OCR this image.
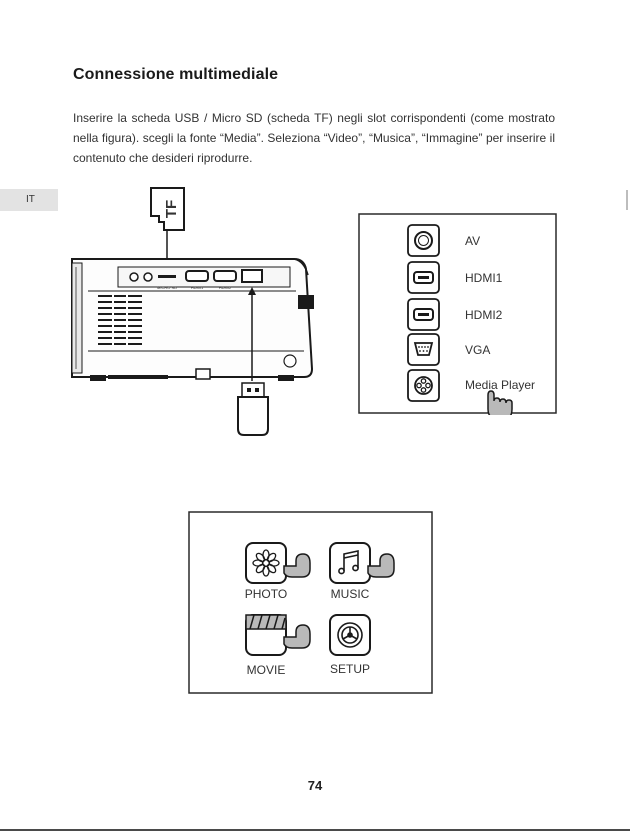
IT
Connessione multimediale

Inserire la scheda USB / Micro SD (scheda TF) negli slot corrispondenti (come mostrato nella figura). scegli la fonte “Media”. Seleziona “Video”, “Musica”, “Immagine” per inserire il contenuto che desideri riprodurre.

TF
MICRO SD	HDMI1	HDMI2
AV
HDMI1
HDMI2
VGA
Media Player
PHOTO	MUSIC
MOVIE	SETUP
74
